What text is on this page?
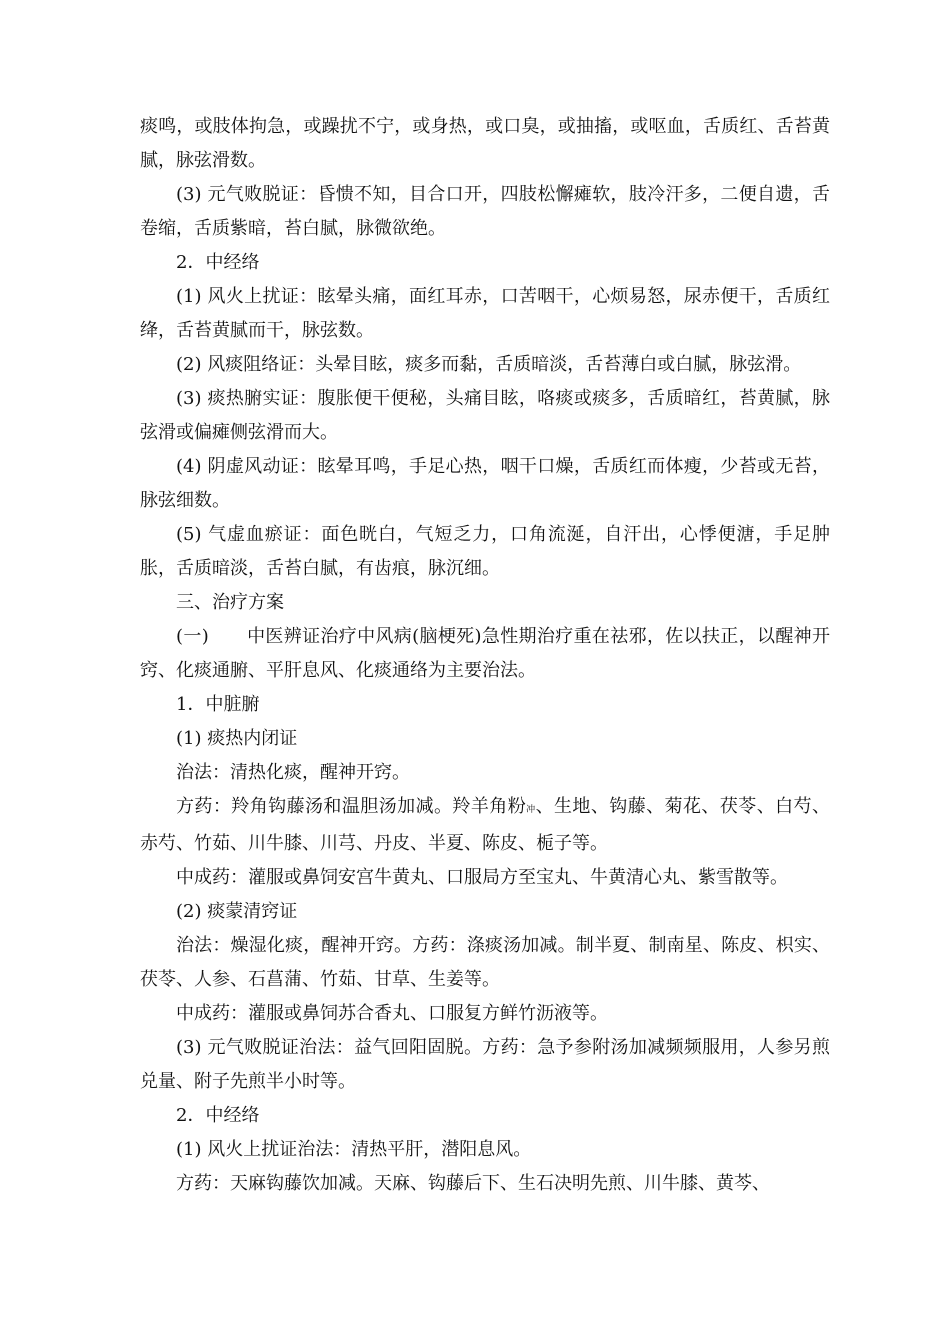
痰鸣，或肢体拘急，或躁扰不宁，或身热，或口臭，或抽搐，或呕血，舌质红、舌苔黄腻，脉弦滑数。

(3) 元气败脱证：昏愦不知，目合口开，四肢松懈瘫软，肢冷汗多，二便自遗，舌卷缩，舌质紫暗，苔白腻，脉微欲绝。

2．中经络

(1) 风火上扰证：眩晕头痛，面红耳赤，口苦咽干，心烦易怒，尿赤便干，舌质红绛，舌苔黄腻而干，脉弦数。

(2) 风痰阻络证：头晕目眩，痰多而黏，舌质暗淡，舌苔薄白或白腻，脉弦滑。

(3) 痰热腑实证：腹胀便干便秘，头痛目眩，咯痰或痰多，舌质暗红，苔黄腻，脉弦滑或偏瘫侧弦滑而大。

(4) 阴虚风动证：眩晕耳鸣，手足心热，咽干口燥，舌质红而体瘦，少苔或无苔，脉弦细数。

(5) 气虚血瘀证：面色晄白，气短乏力，口角流涎，自汗出，心悸便溏，手足肿胀，舌质暗淡，舌苔白腻，有齿痕，脉沉细。

三、治疗方案

(一) 中医辨证治疗中风病(脑梗死)急性期治疗重在祛邪，佐以扶正，以醒神开窍、化痰通腑、平肝息风、化痰通络为主要治法。

1．中脏腑

(1) 痰热内闭证

治法：清热化痰，醒神开窍。

方药：羚角钩藤汤和温胆汤加减。羚羊角粉冲、生地、钩藤、菊花、茯苓、白芍、赤芍、竹茹、川牛膝、川芎、丹皮、半夏、陈皮、栀子等。

中成药：灌服或鼻饲安宫牛黄丸、口服局方至宝丸、牛黄清心丸、紫雪散等。

(2) 痰蒙清窍证

治法：燥湿化痰，醒神开窍。方药：涤痰汤加减。制半夏、制南星、陈皮、枳实、茯苓、人参、石菖蒲、竹茹、甘草、生姜等。

中成药：灌服或鼻饲苏合香丸、口服复方鲜竹沥液等。

(3) 元气败脱证治法：益气回阳固脱。方药：急予参附汤加减频频服用，人参另煎兑量、附子先煎半小时等。

2．中经络

(1) 风火上扰证治法：清热平肝，潜阳息风。

方药：天麻钩藤饮加减。天麻、钩藤后下、生石决明先煎、川牛膝、黄芩、
